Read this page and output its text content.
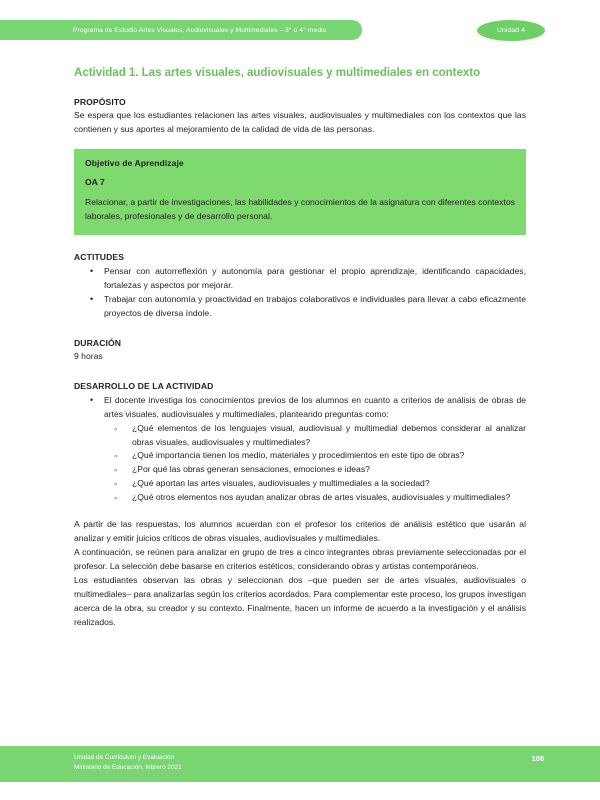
Programa de Estudio Artes Visuales, Audiovisuales y Multimediales – 3° o 4° medio	Unidad 4
Actividad 1. Las artes visuales, audiovisuales y multimediales en contexto
PROPÓSITO

Se espera que los estudiantes relacionen las artes visuales, audiovisuales y multimediales con los contextos que las contienen y sus aportes al mejoramiento de la calidad de vida de las personas.

Objetivo de Aprendizaje
OA 7

Relacionar, a partir de investigaciones, las habilidades y conocimientos de la asignatura con diferentes contextos laborales, profesionales y de desarrollo personal.

ACTITUDES
• Pensar con autorreflexión y autonomía para gestionar el propio aprendizaje, identificando capacidades, fortalezas y aspectos por mejorar.
• Trabajar con autonomía y proactividad en trabajos colaborativos e individuales para llevar a cabo eficazmente proyectos de diversa índole.
DURACIÓN

9 horas

DESARROLLO DE LA ACTIVIDAD
• El docente investiga los conocimientos previos de los alumnos en cuanto a criterios de análisis de obras de artes visuales, audiovisuales y multimediales, planteando preguntas como:
◦ ¿Qué elementos de los lenguajes visual, audiovisual y multimedial debemos considerar al analizar obras visuales, audiovisuales y multimediales?
◦ ¿Qué importancia tienen los medio, materiales y procedimientos en este tipo de obras?
◦ ¿Por qué las obras generan sensaciones, emociones e ideas?
◦ ¿Qué aportan las artes visuales, audiovisuales y multimediales a la sociedad?
◦ ¿Qué otros elementos nos ayudan analizar obras de artes visuales, audiovisuales y multimediales?

A partir de las respuestas, los alumnos acuerdan con el profesor los criterios de análisis estético que usarán al analizar y emitir juicios críticos de obras visuales, audiovisuales y multimediales.

A continuación, se reúnen para analizar en grupo de tres a cinco integrantes obras previamente seleccionadas por el profesor. La selección debe basarse en criterios estéticos, considerando obras y artistas contemporáneos.

Los estudiantes observan las obras y seleccionan dos –que pueden ser de artes visuales, audiovisuales o multimediales– para analizarlas según los criterios acordados. Para complementar este proceso, los grupos investigan acerca de la obra, su creador y su contexto. Finalmente, hacen un informe de acuerdo a la investigación y el análisis realizados.

Unidad de Currículum y Evaluación
Ministerio de Educación, febrero 2021
108
